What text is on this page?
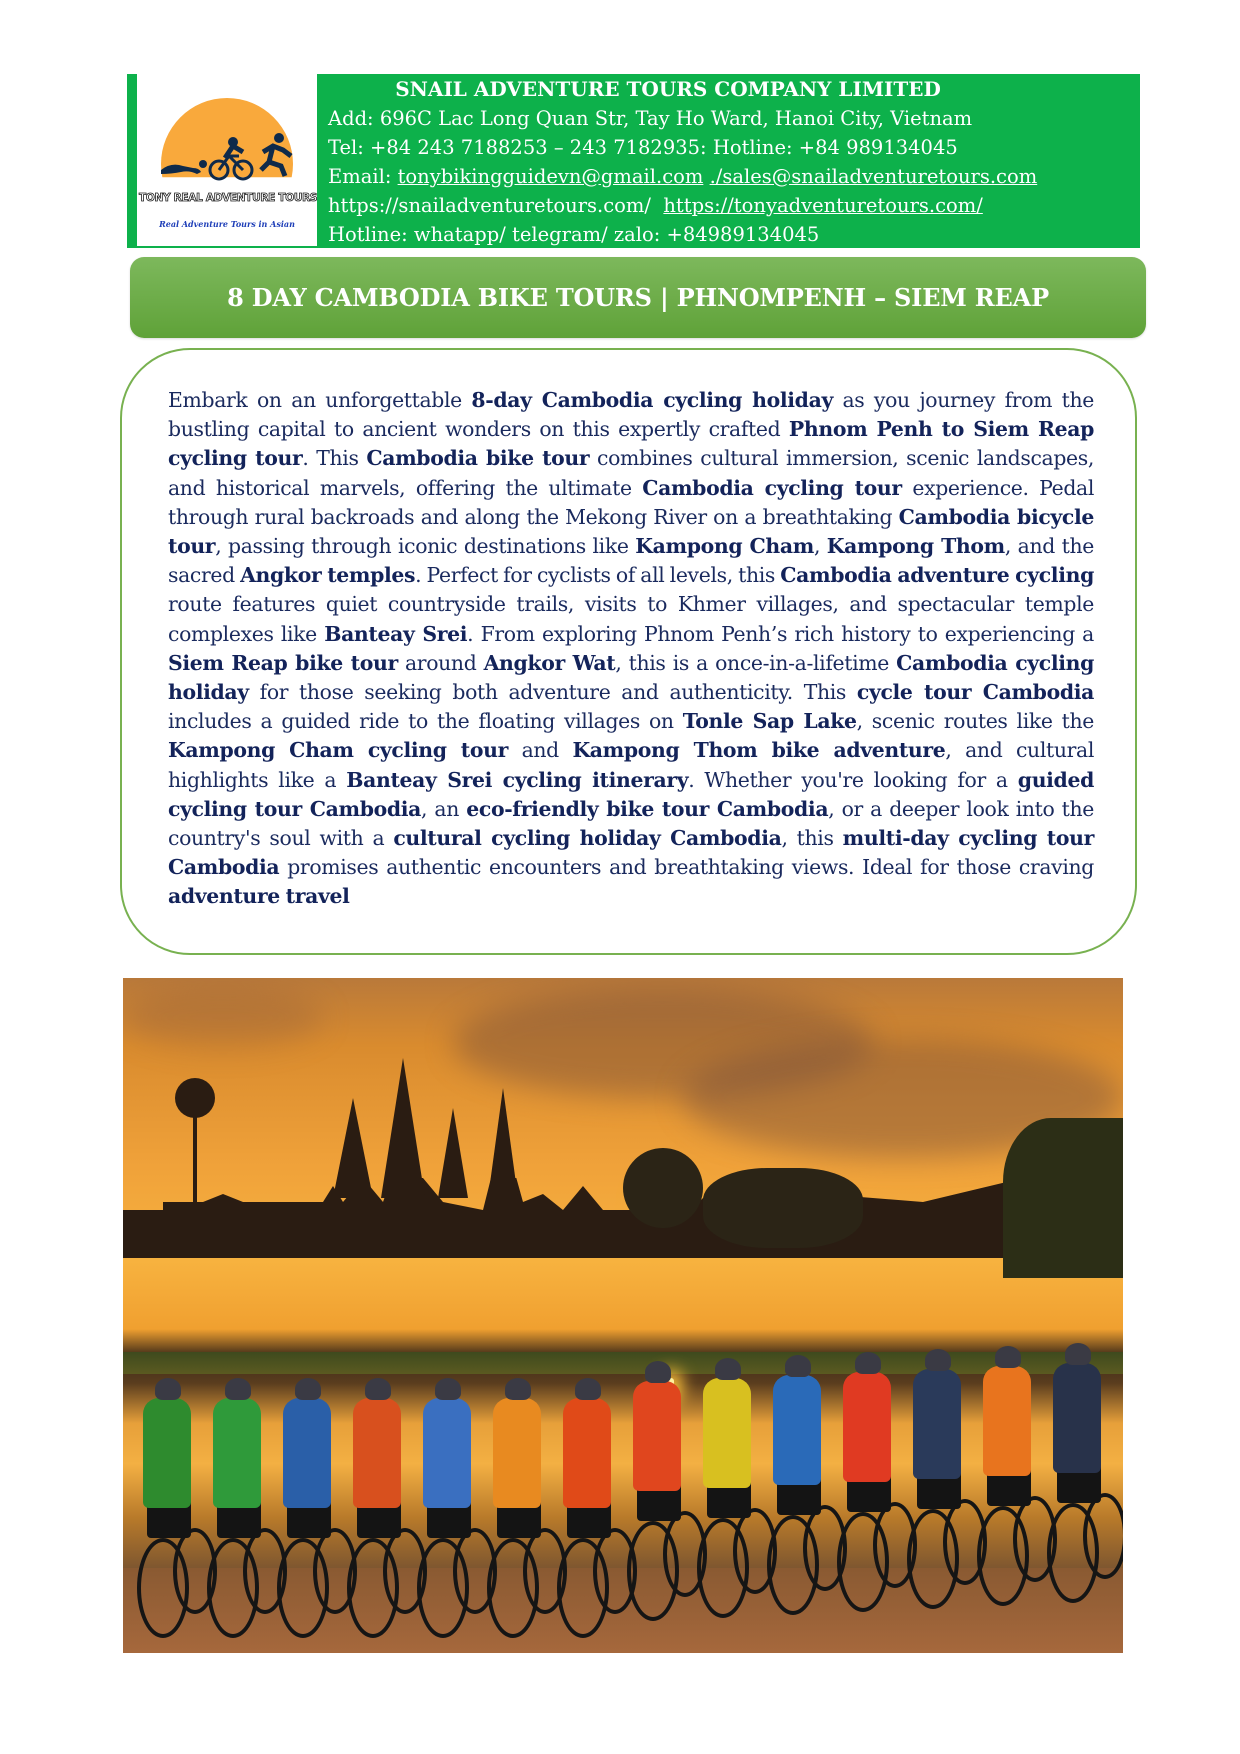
TONY REAL ADVENTURE TOURS
Real Adventure Tours in Asian
SNAIL ADVENTURE TOURS COMPANY LIMITED
Add: 696C Lac Long Quan Str, Tay Ho Ward, Hanoi City, Vietnam
Tel: +84 243 7188253 – 243 7182935: Hotline: +84 989134045
Email: tonybikingguidevn@gmail.com ./sales@snailadventuretours.com
https://snailadventuretours.com/ https://tonyadventuretours.com/
Hotline: whatapp/ telegram/ zalo: +84989134045
8 DAY CAMBODIA BIKE TOURS | PHNOMPENH – SIEM REAP
Embark on an unforgettable 8-day Cambodia cycling holiday as you journey from the bustling capital to ancient wonders on this expertly crafted Phnom Penh to Siem Reap cycling tour. This Cambodia bike tour combines cultural immersion, scenic landscapes, and historical marvels, offering the ultimate Cambodia cycling tour experience. Pedal through rural backroads and along the Mekong River on a breathtaking Cambodia bicycle tour, passing through iconic destinations like Kampong Cham, Kampong Thom, and the sacred Angkor temples. Perfect for cyclists of all levels, this Cambodia adventure cycling route features quiet countryside trails, visits to Khmer villages, and spectacular temple complexes like Banteay Srei. From exploring Phnom Penh’s rich history to experiencing a Siem Reap bike tour around Angkor Wat, this is a once-in-a-lifetime Cambodia cycling holiday for those seeking both adventure and authenticity. This cycle tour Cambodia includes a guided ride to the floating villages on Tonle Sap Lake, scenic routes like the Kampong Cham cycling tour and Kampong Thom bike adventure, and cultural highlights like a Banteay Srei cycling itinerary. Whether you're looking for a guided cycling tour Cambodia, an eco-friendly bike tour Cambodia, or a deeper look into the country's soul with a cultural cycling holiday Cambodia, this multi-day cycling tour Cambodia promises authentic encounters and breathtaking views. Ideal for those craving adventure travel
